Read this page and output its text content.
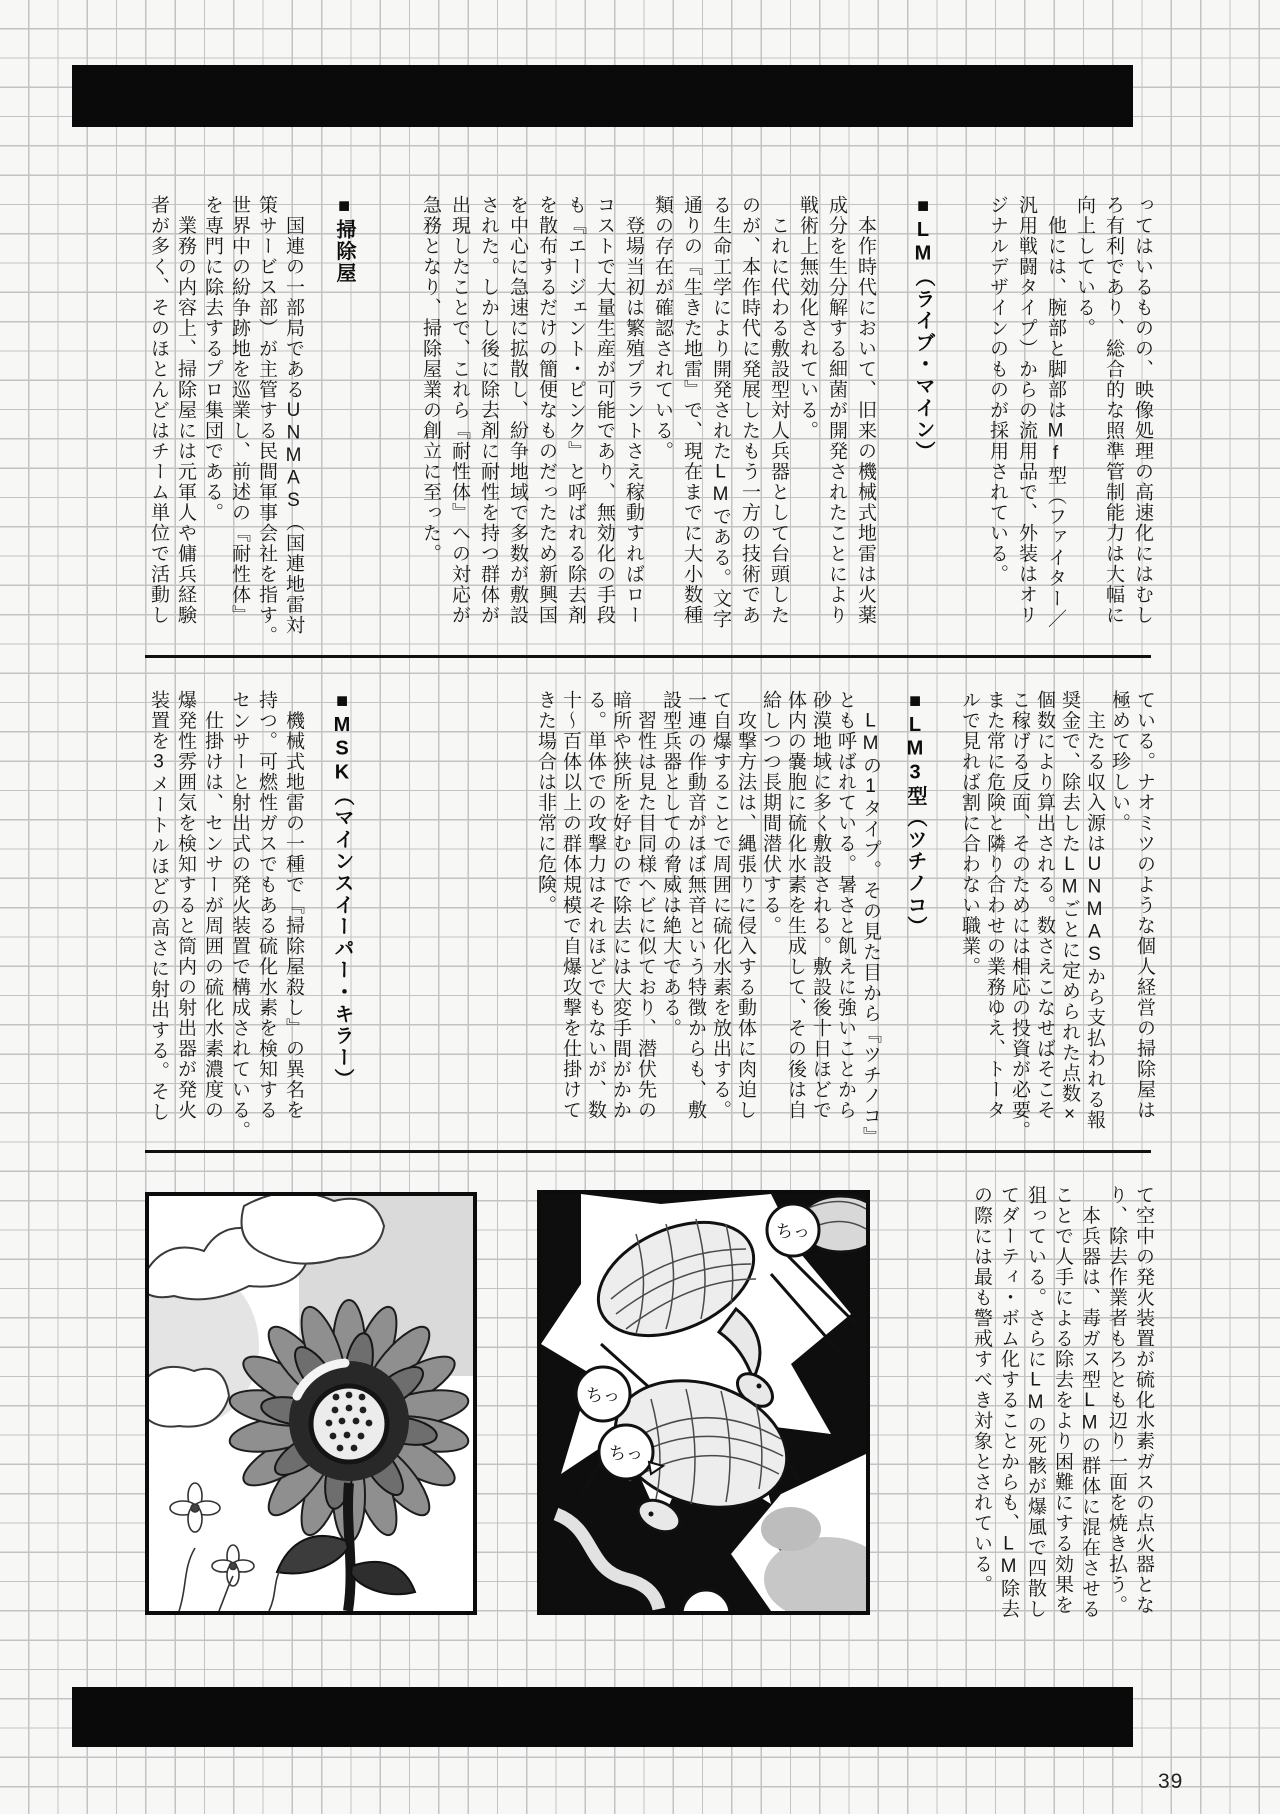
ってはいるものの、映像処理の高速化にはむし
ろ有利であり、総合的な照準管制能力は大幅に
向上している。
　他には、腕部と脚部はMf型（ファイター／
汎用戦闘タイプ）からの流用品で、外装はオリ
ジナルデザインのものが採用されている。
■LM（ライブ・マイン）
　本作時代において、旧来の機械式地雷は火薬
成分を生分解する細菌が開発されたことにより
戦術上無効化されている。
　これに代わる敷設型対人兵器として台頭した
のが、本作時代に発展したもう一方の技術であ
る生命工学により開発されたLMである。文字
通りの『生きた地雷』で、現在までに大小数種
類の存在が確認されている。
　登場当初は繁殖プラントさえ稼動すればロー
コストで大量生産が可能であり、無効化の手段
も『エージェント・ピンク』と呼ばれる除去剤
を散布するだけの簡便なものだったため新興国
を中心に急速に拡散し、紛争地域で多数が敷設
された。しかし後に除去剤に耐性を持つ群体が
出現したことで、これら『耐性体』への対応が
急務となり、掃除屋業の創立に至った。
■掃除屋
　国連の一部局であるUNMAS（国連地雷対
策サービス部）が主管する民間軍事会社を指す。
世界中の紛争跡地を巡業し、前述の『耐性体』
を専門に除去するプロ集団である。
　業務の内容上、掃除屋には元軍人や傭兵経験
者が多く、そのほとんどはチーム単位で活動し
ている。ナオミツのような個人経営の掃除屋は
極めて珍しい。
　主たる収入源はUNMASから支払われる報
奨金で、除去したLMごとに定められた点数×
個数により算出される。数さえこなせばそこそ
こ稼げる反面、そのためには相応の投資が必要。
また常に危険と隣り合わせの業務ゆえ、トータ
ルで見れば割に合わない職業。
■LM3型（ツチノコ）
　LMの1タイプ。その見た目から『ツチノコ』
とも呼ばれている。暑さと飢えに強いことから
砂漠地域に多く敷設される。敷設後十日ほどで
体内の嚢胞に硫化水素を生成して、その後は自
給しつつ長期間潜伏する。
　攻撃方法は、縄張りに侵入する動体に肉迫し
て自爆することで周囲に硫化水素を放出する。
一連の作動音がほぼ無音という特徴からも、敷
設型兵器としての脅威は絶大である。
　習性は見た目同様ヘビに似ており、潜伏先の
暗所や狭所を好むので除去には大変手間がかか
る。単体での攻撃力はそれほどでもないが、数
十～百体以上の群体規模で自爆攻撃を仕掛けて
きた場合は非常に危険。
■MSK（マインスイーパー・キラー）
　機械式地雷の一種で『掃除屋殺し』の異名を
持つ。可燃性ガスでもある硫化水素を検知する
センサーと射出式の発火装置で構成されている。
　仕掛けは、センサーが周囲の硫化水素濃度の
爆発性雰囲気を検知すると筒内の射出器が発火
装置を3メートルほどの高さに射出する。そし
て空中の発火装置が硫化水素ガスの点火器とな
り、除去作業者もろとも辺り一面を焼き払う。
　本兵器は、毒ガス型LMの群体に混在させる
ことで人手による除去をより困難にする効果を
狙っている。さらにLMの死骸が爆風で四散し
てダーティ・ボム化することからも、LM除去
の際には最も警戒すべき対象とされている。
ちっ
ちっ
ちっ
39
